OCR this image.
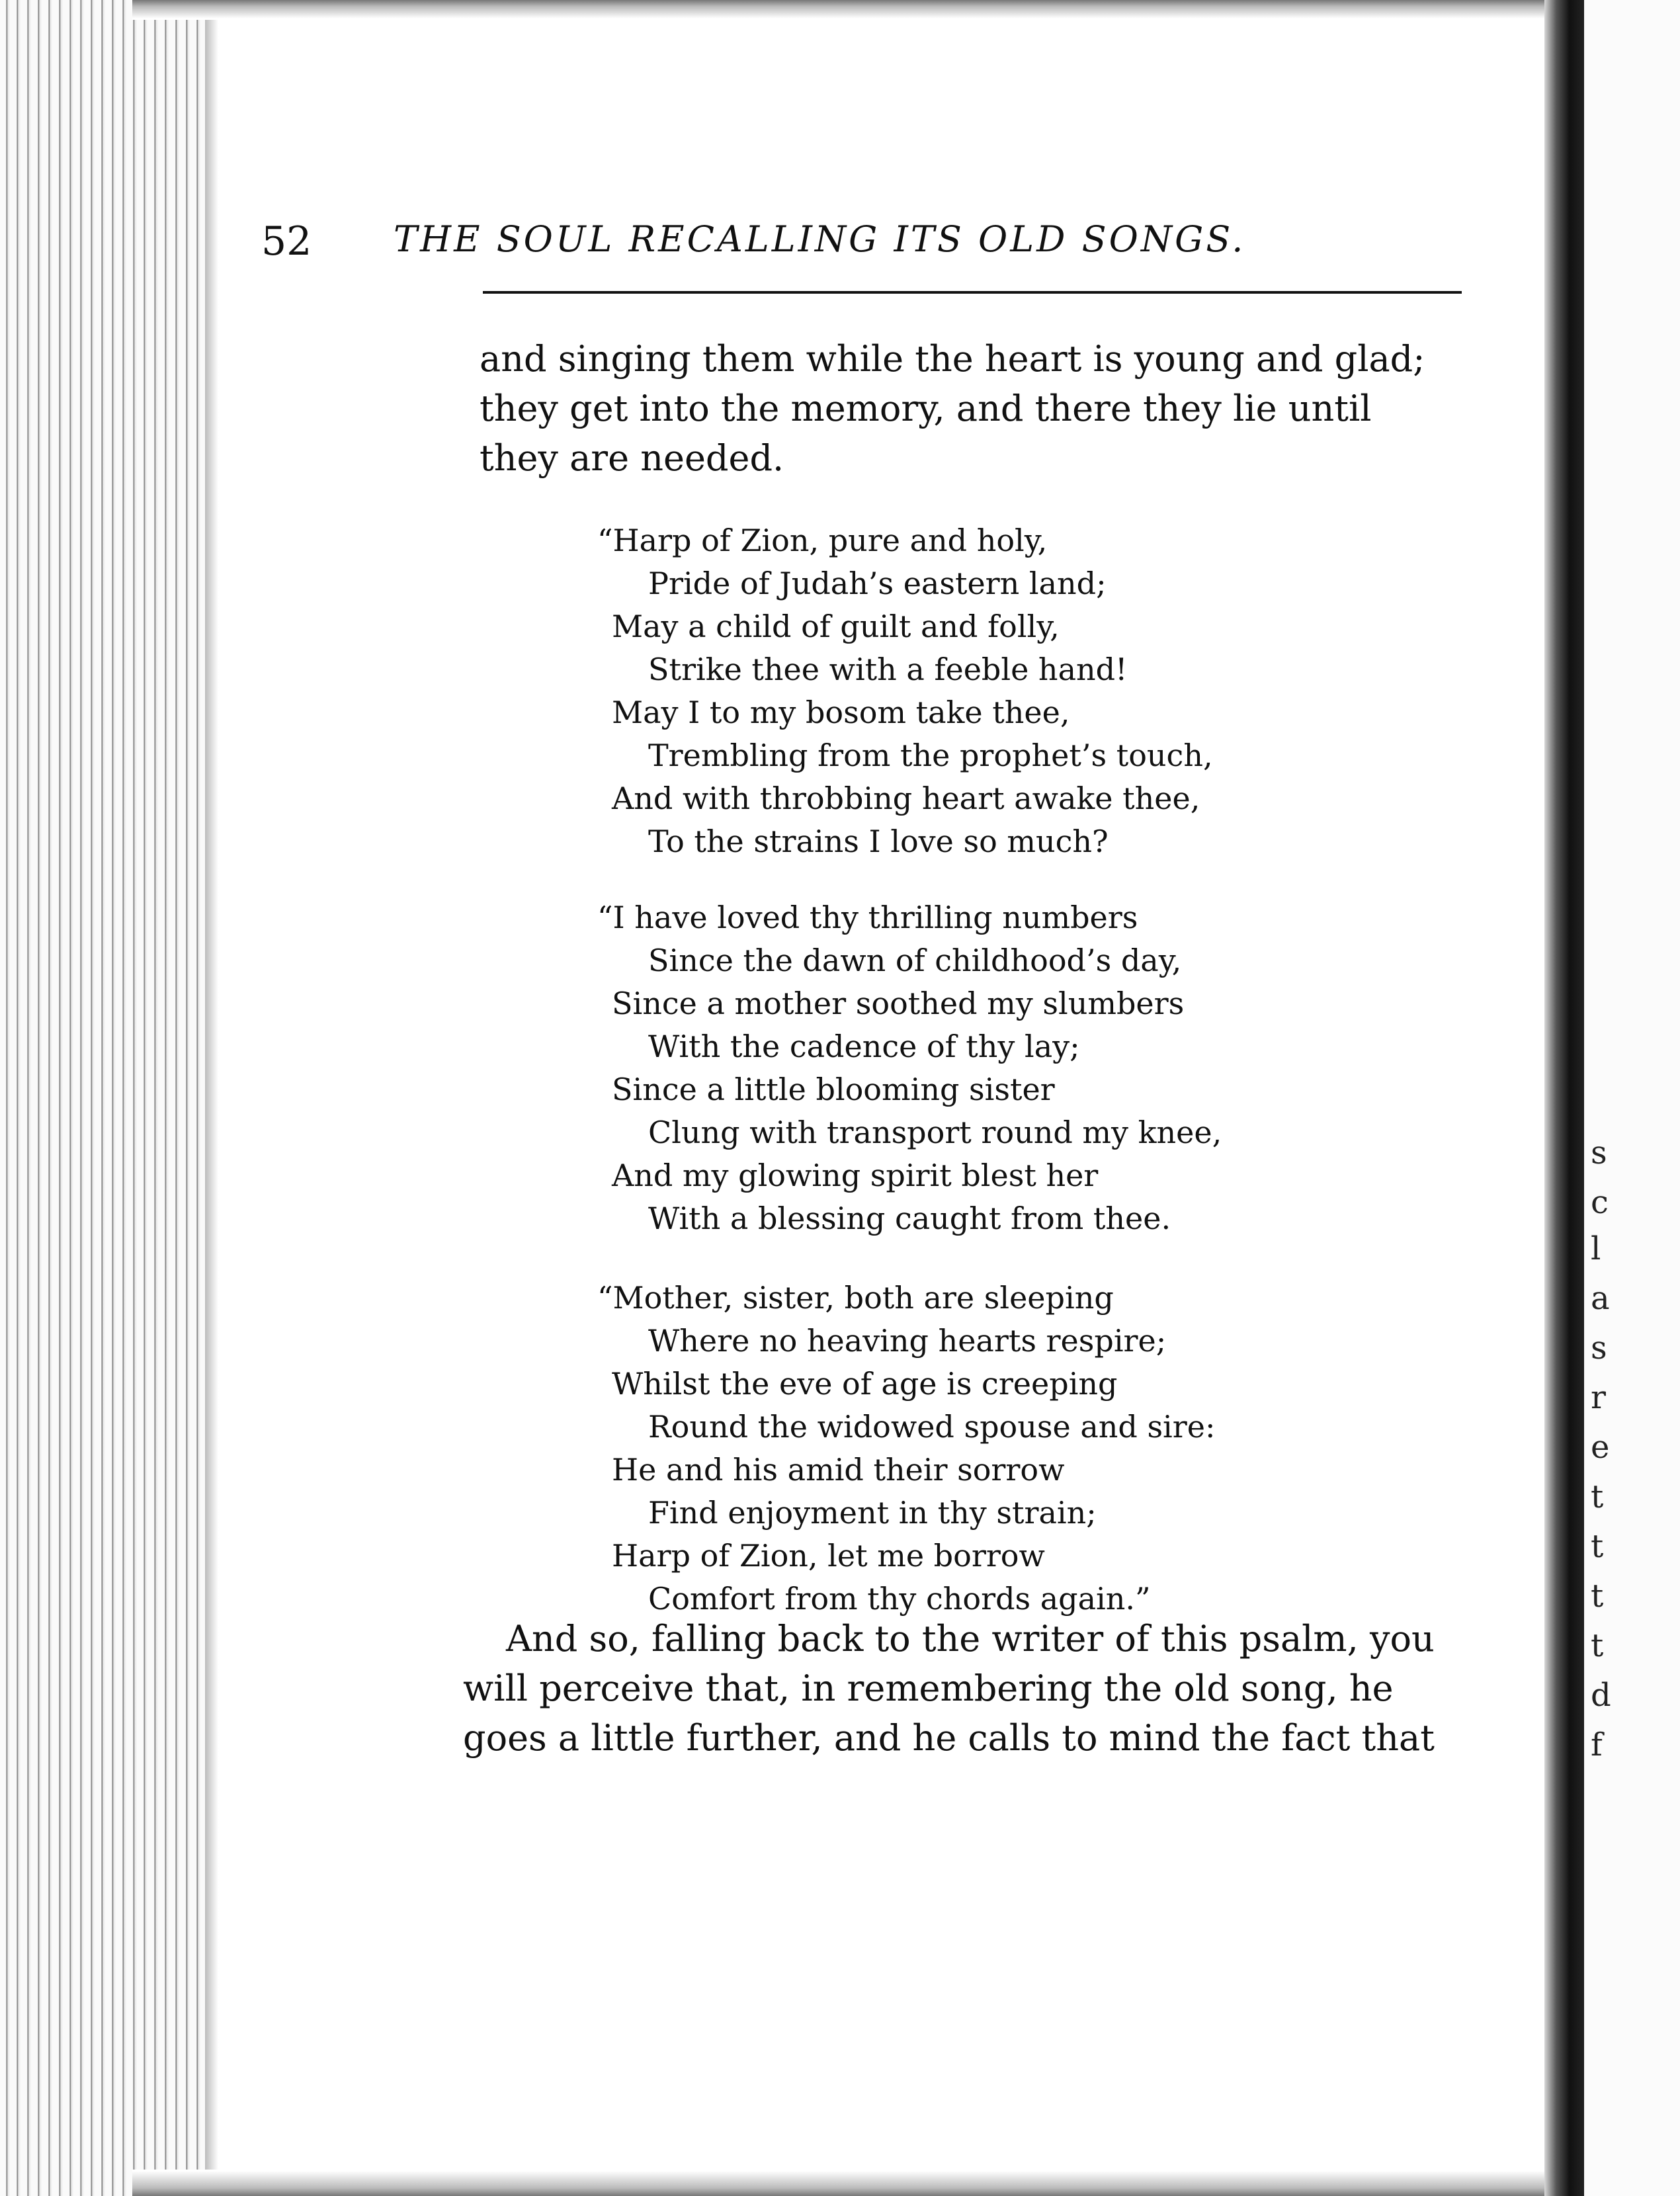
52 THE SOUL RECALLING ITS OLD SONGS.
and singing them while the heart is young and glad;
they get into the memory, and there they lie until
they are needed.
“Harp of Zion, pure and holy,
Pride of Judah’s eastern land;
May a child of guilt and folly,
Strike thee with a feeble hand!
May I to my bosom take thee,
Trembling from the prophet’s touch,
And with throbbing heart awake thee,
To the strains I love so much?
“I have loved thy thrilling numbers
Since the dawn of childhood’s day,
Since a mother soothed my slumbers
With the cadence of thy lay;
Since a little blooming sister
Clung with transport round my knee,
And my glowing spirit blest her
With a blessing caught from thee.
“Mother, sister, both are sleeping
Where no heaving hearts respire;
Whilst the eve of age is creeping
Round the widowed spouse and sire:
He and his amid their sorrow
Find enjoyment in thy strain;
Harp of Zion, let me borrow
Comfort from thy chords again.”
And so, falling back to the writer of this psalm, you
will perceive that, in remembering the old song, he
goes a little further, and he calls to mind the fact that
s
c
l
a
s
r
e
t
t
t
t
d
f
